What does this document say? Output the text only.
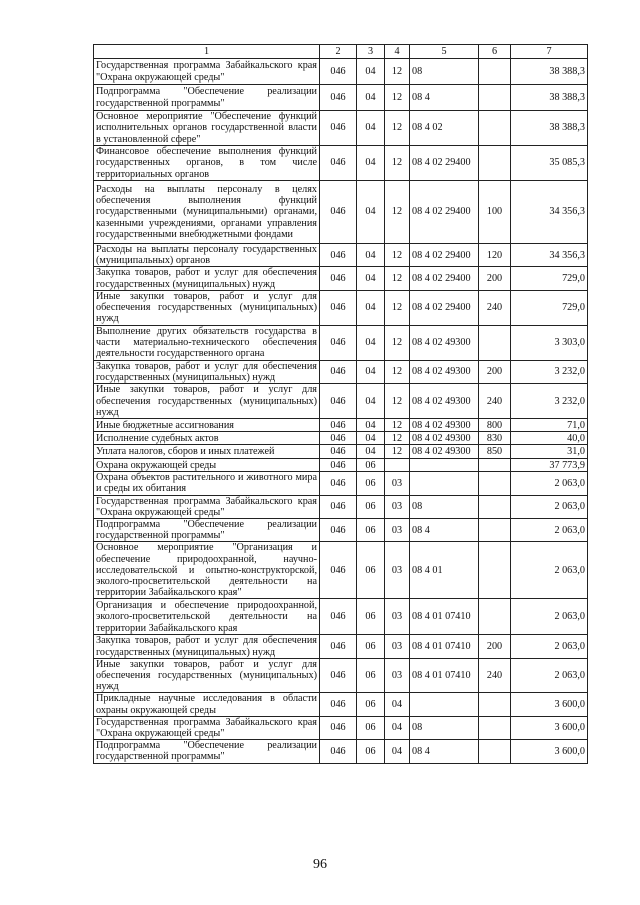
1	2	3	4	5	6	7
Государственная программа Забайкальского края "Охрана окружающей среды"	046	04	12	08		38 388,3
Подпрограмма "Обеспечение реализации государственной программы"	046	04	12	08 4		38 388,3
Основное мероприятие "Обеспечение функций исполнительных органов государственной власти в установленной сфере"	046	04	12	08 4 02		38 388,3
Финансовое обеспечение выполнения функций государственных органов, в том числе территориальных органов	046	04	12	08 4 02 29400		35 085,3
Расходы на выплаты персоналу в целях обеспечения выполнения функций государственными (муниципальными) органами, казенными учреждениями, органами управления государственными внебюджетными фондами	046	04	12	08 4 02 29400	100	34 356,3
Расходы на выплаты персоналу государственных (муниципальных) органов	046	04	12	08 4 02 29400	120	34 356,3
Закупка товаров, работ и услуг для обеспечения государственных (муниципальных) нужд	046	04	12	08 4 02 29400	200	729,0
Иные закупки товаров, работ и услуг для обеспечения государственных (муниципальных) нужд	046	04	12	08 4 02 29400	240	729,0
Выполнение других обязательств государства в части материально-технического обеспечения деятельности государственного органа	046	04	12	08 4 02 49300		3 303,0
Закупка товаров, работ и услуг для обеспечения государственных (муниципальных) нужд	046	04	12	08 4 02 49300	200	3 232,0
Иные закупки товаров, работ и услуг для обеспечения государственных (муниципальных) нужд	046	04	12	08 4 02 49300	240	3 232,0
Иные бюджетные ассигнования	046	04	12	08 4 02 49300	800	71,0
Исполнение судебных актов	046	04	12	08 4 02 49300	830	40,0
Уплата налогов, сборов и иных платежей	046	04	12	08 4 02 49300	850	31,0
Охрана окружающей среды	046	06				37 773,9
Охрана объектов растительного и животного мира и среды их обитания	046	06	03			2 063,0
Государственная программа Забайкальского края "Охрана окружающей среды"	046	06	03	08		2 063,0
Подпрограмма "Обеспечение реализации государственной программы"	046	06	03	08 4		2 063,0
Основное мероприятие "Организация и обеспечение природоохранной, научно-исследовательской и опытно-конструкторской, эколого-просветительской деятельности на территории Забайкальского края"	046	06	03	08 4 01		2 063,0
Организация и обеспечение природоохранной, эколого-просветительской деятельности на территории Забайкальского края	046	06	03	08 4 01 07410		2 063,0
Закупка товаров, работ и услуг для обеспечения государственных (муниципальных) нужд	046	06	03	08 4 01 07410	200	2 063,0
Иные закупки товаров, работ и услуг для обеспечения государственных (муниципальных) нужд	046	06	03	08 4 01 07410	240	2 063,0
Прикладные научные исследования в области охраны окружающей среды	046	06	04			3 600,0
Государственная программа Забайкальского края "Охрана окружающей среды"	046	06	04	08		3 600,0
Подпрограмма "Обеспечение реализации государственной программы"	046	06	04	08 4		3 600,0
96
